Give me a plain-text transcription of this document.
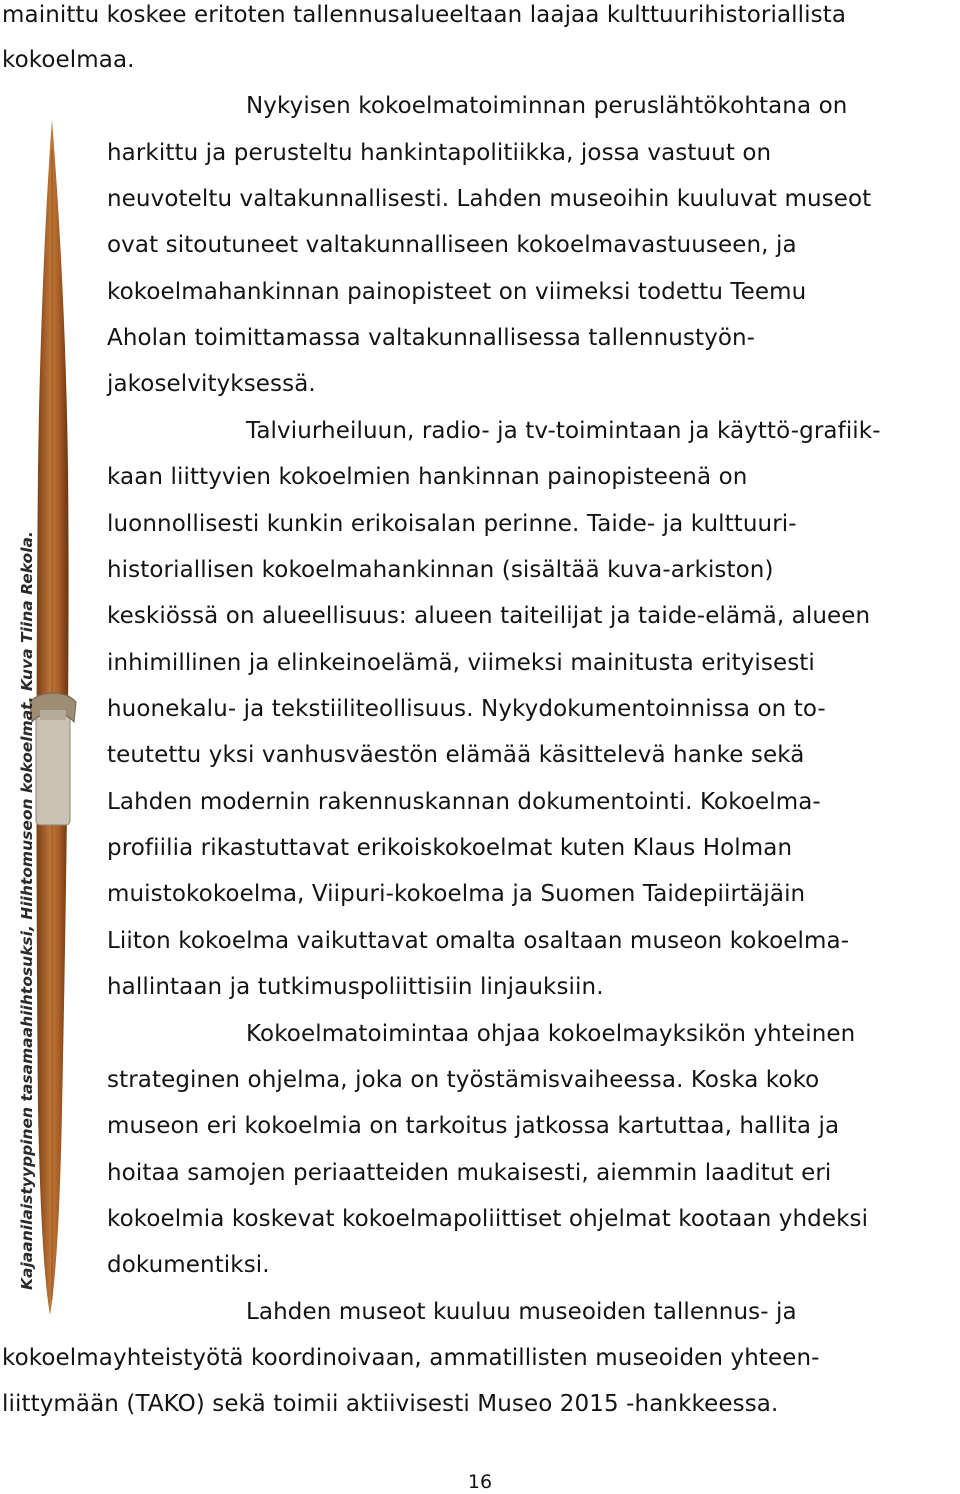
Kajaanilaistyyppinen tasamaahiihtosuksi, Hiihtomuseon kokoelmat. Kuva Tiina Rekola.

mainittu koskee eritoten tallennusalueeltaan laajaa kulttuurihistoriallista

kokoelmaa.

Nykyisen kokoelmatoiminnan peruslähtökohtana on

harkittu ja perusteltu hankintapolitiikka, jossa vastuut on

neuvoteltu valtakunnallisesti. Lahden museoihin kuuluvat museot

ovat sitoutuneet valtakunnalliseen kokoelmavastuuseen, ja

kokoelmahankinnan painopisteet on viimeksi todettu Teemu

Aholan toimittamassa valtakunnallisessa tallennustyön-

jakoselvityksessä.

Talviurheiluun, radio- ja tv-toimintaan ja käyttö-grafiik-

kaan liittyvien kokoelmien hankinnan painopisteenä on

luonnollisesti kunkin erikoisalan perinne. Taide- ja kulttuuri-

historiallisen kokoelmahankinnan (sisältää kuva-arkiston)

keskiössä on alueellisuus: alueen taiteilijat ja taide-elämä, alueen

inhimillinen ja elinkeinoelämä, viimeksi mainitusta erityisesti

huonekalu- ja tekstiiliteollisuus. Nykydokumentoinnissa on to-

teutettu yksi vanhusväestön elämää käsittelevä hanke sekä

Lahden modernin rakennuskannan dokumentointi. Kokoelma-

profiilia rikastuttavat erikoiskokoelmat kuten Klaus Holman

muistokokoelma, Viipuri-kokoelma ja Suomen Taidepiirtäjäin

Liiton kokoelma vaikuttavat omalta osaltaan museon kokoelma-

hallintaan ja tutkimuspoliittisiin linjauksiin.

Kokoelmatoimintaa ohjaa kokoelmayksikön yhteinen

strateginen ohjelma, joka on työstämisvaiheessa. Koska koko

museon eri kokoelmia on tarkoitus jatkossa kartuttaa, hallita ja

hoitaa samojen periaatteiden mukaisesti, aiemmin laaditut eri

kokoelmia koskevat kokoelmapoliittiset ohjelmat kootaan yhdeksi

dokumentiksi.

Lahden museot kuuluu museoiden tallennus- ja

kokoelmayhteistyötä koordinoivaan, ammatillisten museoiden yhteen-

liittymään (TAKO) sekä toimii aktiivisesti Museo 2015 -hankkeessa.

16
